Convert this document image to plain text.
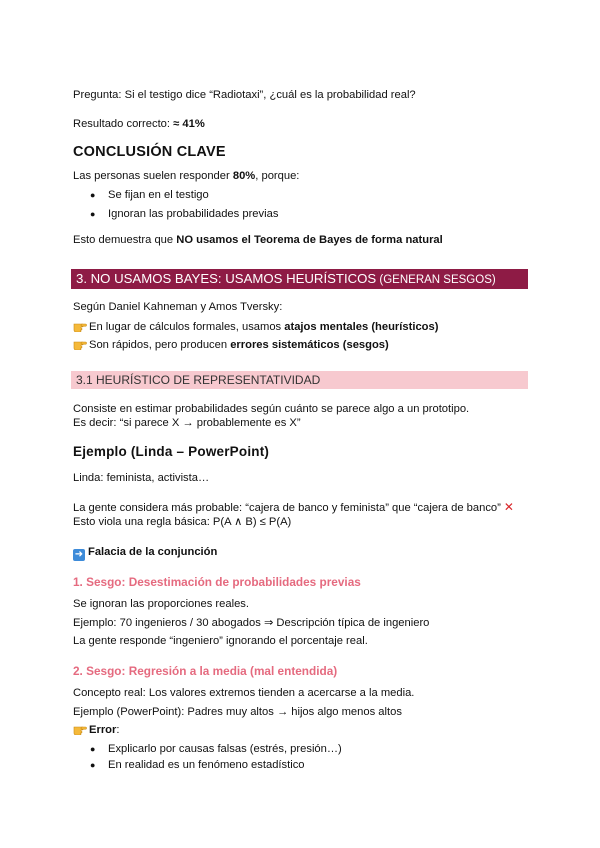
Pregunta: Si el testigo dice “Radiotaxi”, ¿cuál es la probabilidad real?
Resultado correcto: ≈ 41%
CONCLUSIÓN CLAVE
Las personas suelen responder 80%, porque:
● Se fijan en el testigo
● Ignoran las probabilidades previas
Esto demuestra que NO usamos el Teorema de Bayes de forma natural
3. NO USAMOS BAYES: USAMOS HEURÍSTICOS (GENERAN SESGOS)
Según Daniel Kahneman y Amos Tversky:
En lugar de cálculos formales, usamos atajos mentales (heurísticos)
Son rápidos, pero producen errores sistemáticos (sesgos)
3.1 HEURÍSTICO DE REPRESENTATIVIDAD
Consiste en estimar probabilidades según cuánto se parece algo a un prototipo.
Es decir: “si parece X → probablemente es X”
Ejemplo (Linda – PowerPoint)
Linda: feminista, activista…
La gente considera más probable: “cajera de banco y feminista” que “cajera de banco” ✕
Esto viola una regla básica: P(A ∧ B) ≤ P(A)
➜ Falacia de la conjunción
1. Sesgo: Desestimación de probabilidades previas
Se ignoran las proporciones reales.
Ejemplo: 70 ingenieros / 30 abogados ⇒ Descripción típica de ingeniero
La gente responde “ingeniero” ignorando el porcentaje real.
2. Sesgo: Regresión a la media (mal entendida)
Concepto real: Los valores extremos tienden a acercarse a la media.
Ejemplo (PowerPoint): Padres muy altos → hijos algo menos altos
Error:
● Explicarlo por causas falsas (estrés, presión…)
● En realidad es un fenómeno estadístico
